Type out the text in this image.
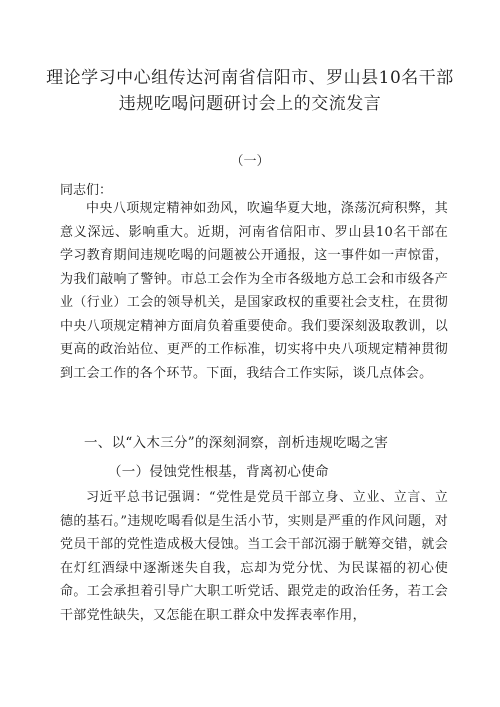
理论学习中心组传达河南省信阳市、罗山县10名干部
违规吃喝问题研讨会上的交流发言
（一）
同志们：

中央八项规定精神如劲风，吹遍华夏大地，涤荡沉疴积弊，其意义深远、影响重大。近期，河南省信阳市、罗山县10名干部在学习教育期间违规吃喝的问题被公开通报，这一事件如一声惊雷，为我们敲响了警钟。市总工会作为全市各级地方总工会和市级各产业（行业）工会的领导机关，是国家政权的重要社会支柱，在贯彻中央八项规定精神方面肩负着重要使命。我们要深刻汲取教训，以更高的政治站位、更严的工作标准，切实将中央八项规定精神贯彻到工会工作的各个环节。下面，我结合工作实际，谈几点体会。

一、以“入木三分”的深刻洞察，剖析违规吃喝之害
（一）侵蚀党性根基，背离初心使命

习近平总书记强调：“党性是党员干部立身、立业、立言、立德的基石。”违规吃喝看似是生活小节，实则是严重的作风问题，对党员干部的党性造成极大侵蚀。当工会干部沉溺于觥筹交错，就会在灯红酒绿中逐渐迷失自我，忘却为党分忧、为民谋福的初心使命。工会承担着引导广大职工听党话、跟党走的政治任务，若工会干部党性缺失，又怎能在职工群众中发挥表率作用，
